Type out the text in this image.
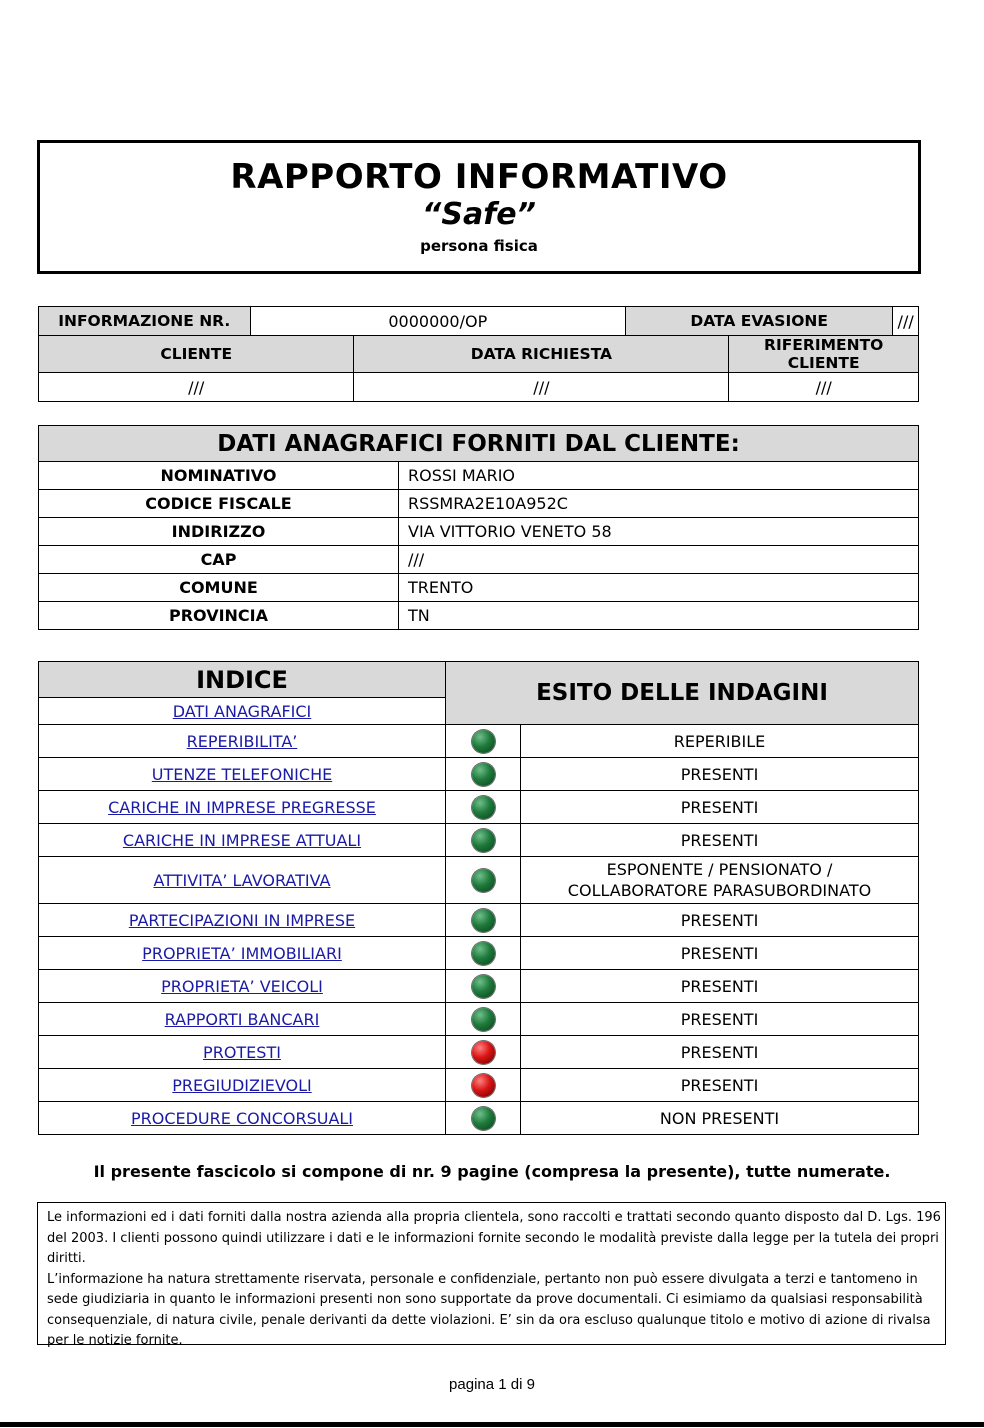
RAPPORTO INFORMATIVO
“Safe”
persona fisica
INFORMAZIONE NR.	0000000/OP		DATA EVASIONE		///
CLIENTE		DATA RICHIESTA		RIFERIMENTO CLIENTE	
///		///		///	
DATI ANAGRAFICI FORNITI DAL CLIENTE:	
NOMINATIVO	ROSSI MARIO
CODICE FISCALE	RSSMRA2E10A952C
INDIRIZZO	VIA VITTORIO VENETO 58
CAP	///
COMUNE	TRENTO
PROVINCIA	TN
INDICE	ESITO DELLE INDAGINI	
DATI ANAGRAFICI		
REPERIBILITA’		REPERIBILE
UTENZE TELEFONICHE		PRESENTI
CARICHE IN IMPRESE PREGRESSE		PRESENTI
CARICHE IN IMPRESE ATTUALI		PRESENTI
ATTIVITA’ LAVORATIVA		ESPONENTE / PENSIONATO / COLLABORATORE PARASUBORDINATO
PARTECIPAZIONI IN IMPRESE		PRESENTI
PROPRIETA’ IMMOBILIARI		PRESENTI
PROPRIETA’ VEICOLI		PRESENTI
RAPPORTI BANCARI		PRESENTI
PROTESTI		PRESENTI
PREGIUDIZIEVOLI		PRESENTI
PROCEDURE CONCORSUALI		NON PRESENTI
Il presente fascicolo si compone di nr. 9 pagine (compresa la presente), tutte numerate.

Le informazioni ed i dati forniti dalla nostra azienda alla propria clientela, sono raccolti e trattati secondo quanto disposto dal D. Lgs. 196 del 2003. I clienti possono quindi utilizzare i dati e le informazioni fornite secondo le modalità previste dalla legge per la tutela dei propri diritti.

L’informazione ha natura strettamente riservata, personale e confidenziale, pertanto non può essere divulgata a terzi e tantomeno in sede giudiziaria in quanto le informazioni presenti non sono supportate da prove documentali. Ci esimiamo da qualsiasi responsabilità consequenziale, di natura civile, penale derivanti da dette violazioni. E’ sin da ora escluso qualunque titolo e motivo di azione di rivalsa per le notizie fornite.

pagina 1 di 9
